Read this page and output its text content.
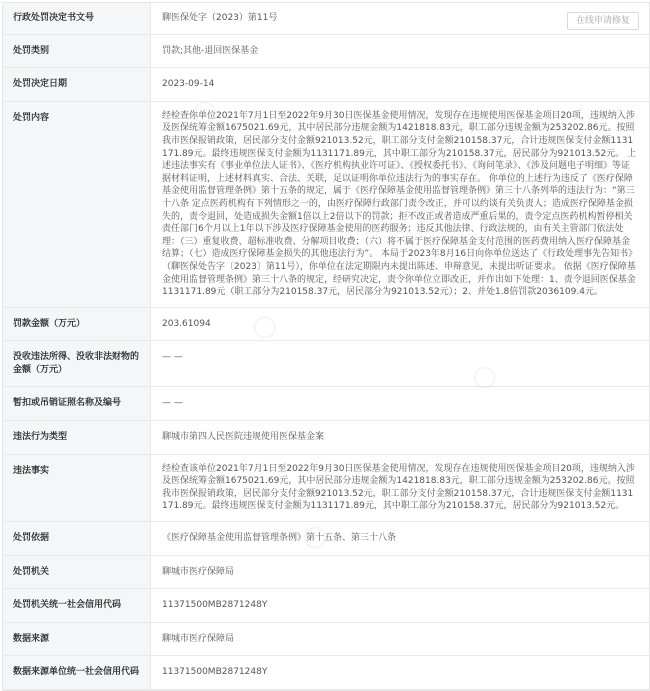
行政处罚决定书文号	聊医保处字（2023）第11号
处罚类别	罚款;其他-退回医保基金
处罚决定日期	2023-09-14
处罚内容	经检查你单位2021年7月1日至2022年9月30日医保基金使用情况，发现存在违规使用医保基金项目20项，违规纳入涉及医保统筹金额1675021.69元，其中居民部分违规金额为1421818.83元，职工部分违规金额为253202.86元。按照我市医保报销政策，居民部分支付金额921013.52元，职工部分支付金额210158.37元，合计违规医保支付金额1131171.89元。最终违规医保支付金额为1131171.89元，其中职工部分为210158.37元，居民部分为921013.52元。 上述违法事实有《事业单位法人证书》、《医疗机构执业许可证》、《授权委托书》、《询问笔录》、《涉及问题电子明细》等证据材料证明，上述材料真实、合法、关联，足以证明你单位违法行为的事实存在。 你单位的上述行为违反了《医疗保障基金使用监督管理条例》第十五条的规定，属于《医疗保障基金使用监督管理条例》第三十八条列举的违法行为：“第三十八条 定点医药机构有下列情形之一的，由医疗保障行政部门责令改正，并可以约谈有关负责人；造成医疗保障基金损失的，责令退回，处造成损失金额1倍以上2倍以下的罚款；拒不改正或者造成严重后果的，责令定点医药机构暂停相关责任部门6个月以上1年以下涉及医疗保障基金使用的医药服务；违反其他法律、行政法规的，由有关主管部门依法处理：（三）重复收费、超标准收费、分解项目收费；（六）将不属于医疗保障基金支付范围的医药费用纳入医疗保障基金结算；（七）造成医疗保障基金损失的其他违法行为”。 本局于2023年8月16日向你单位送达了《行政处理事先告知书》（聊医保处告字〔2023〕第11号），你单位在法定期限内未提出陈述、申辩意见，未提出听证要求。 依据《医疗保障基金使用监督管理条例》第三十八条的规定，经研究决定，责令你单位立即改正，并作出如下处理：1、责令退回医保基金1131171.89元（职工部分为210158.37元，居民部分为921013.52元）；2、并处1.8倍罚款2036109.4元。
罚款金额（万元）	203.61094
没收违法所得、没收非法财物的金额（万元）	— —
暂扣或吊销证照名称及编号	— —
违法行为类型	聊城市第四人民医院违规使用医保基金案
违法事实	经检查该单位2021年7月1日至2022年9月30日医保基金使用情况，发现存在违规使用医保基金项目20项，违规纳入涉及医保统筹金额1675021.69元，其中居民部分违规金额为1421818.83元，职工部分违规金额为253202.86元。按照我市医保报销政策，居民部分支付金额921013.52元，职工部分支付金额210158.37元，合计违规医保支付金额1131171.89元。最终违规医保支付金额为1131171.89元，其中职工部分为210158.37元，居民部分为921013.52元。
处罚依据	《医疗保障基金使用监督管理条例》第十五条、第三十八条
处罚机关	聊城市医疗保障局
处罚机关统一社会信用代码	11371500MB2871248Y
数据来源	聊城市医疗保障局
数据来源单位统一社会信用代码	11371500MB2871248Y
在线申请修复
